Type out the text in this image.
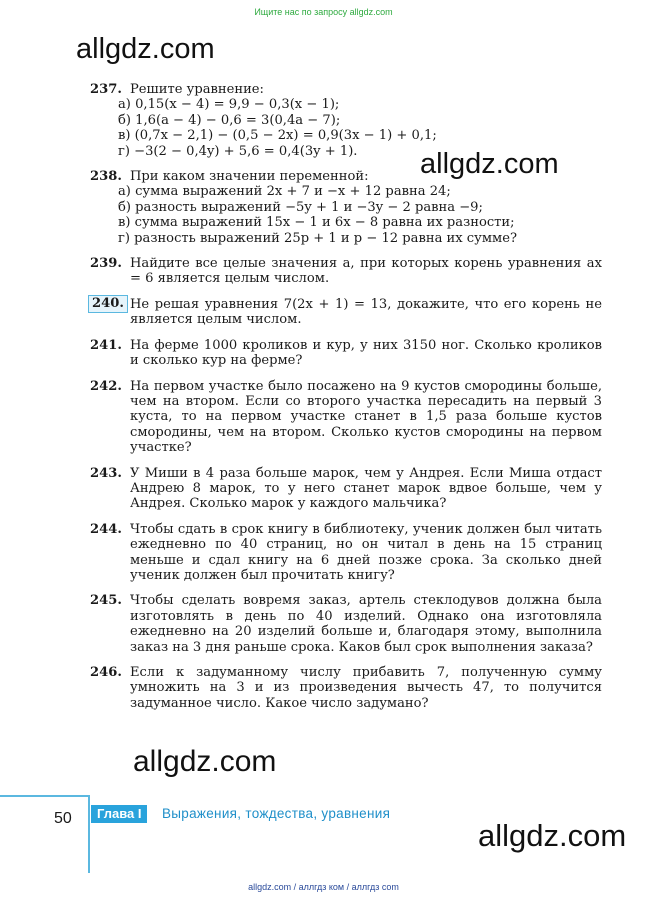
Ищите нас по запросу allgdz.com
allgdz.com
allgdz.com
allgdz.com
allgdz.com
237. Решите уравнение:
а) 0,15(x − 4) = 9,9 − 0,3(x − 1);
б) 1,6(a − 4) − 0,6 = 3(0,4a − 7);
в) (0,7x − 2,1) − (0,5 − 2x) = 0,9(3x − 1) + 0,1;
г) −3(2 − 0,4y) + 5,6 = 0,4(3y + 1).
238. При каком значении переменной:
а) сумма выражений 2x + 7 и −x + 12 равна 24;
б) разность выражений −5y + 1 и −3y − 2 равна −9;
в) сумма выражений 15x − 1 и 6x − 8 равна их разности;
г) разность выражений 25p + 1 и p − 12 равна их сумме?
239. Найдите все целые значения a, при которых корень уравнения ax = 6 является целым числом.
240. Не решая уравнения 7(2x + 1) = 13, докажите, что его корень не является целым числом.
241. На ферме 1000 кроликов и кур, у них 3150 ног. Сколько кроликов и сколько кур на ферме?
242. На первом участке было посажено на 9 кустов смородины больше, чем на втором. Если со второго участка пересадить на первый 3 куста, то на первом участке станет в 1,5 раза больше кустов смородины, чем на втором. Сколько кустов смородины на первом участке?
243. У Миши в 4 раза больше марок, чем у Андрея. Если Миша отдаст Андрею 8 марок, то у него станет марок вдвое больше, чем у Андрея. Сколько марок у каждого мальчика?
244. Чтобы сдать в срок книгу в библиотеку, ученик должен был читать ежедневно по 40 страниц, но он читал в день на 15 страниц меньше и сдал книгу на 6 дней позже срока. За сколько дней ученик должен был прочитать книгу?
245. Чтобы сделать вовремя заказ, артель стеклодувов должна была изготовлять в день по 40 изделий. Однако она изготовляла ежедневно на 20 изделий больше и, благодаря этому, выполнила заказ на 3 дня раньше срока. Каков был срок выполнения заказа?
246. Если к задуманному числу прибавить 7, полученную сумму умножить на 3 и из произведения вычесть 47, то получится задуманное число. Какое число задумано?
50	Глава I	Выражения, тождества, уравнения
allgdz.com / аллгдз ком / аллгдз com
